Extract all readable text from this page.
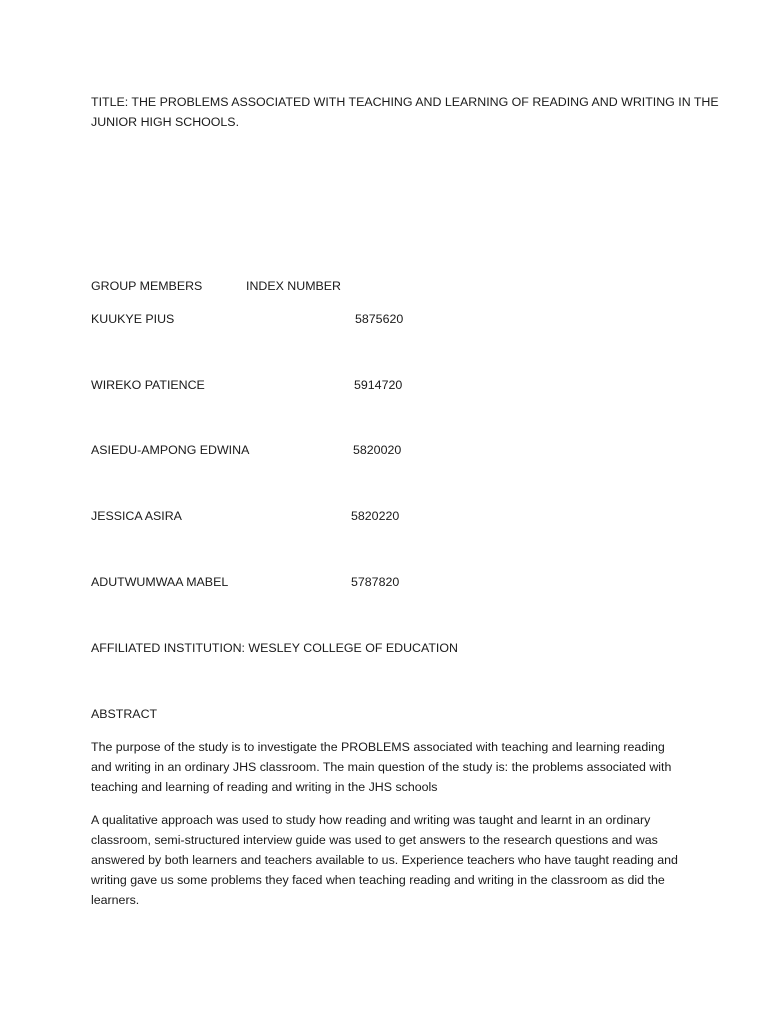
TITLE: THE PROBLEMS ASSOCIATED WITH TEACHING AND LEARNING OF READING AND WRITING IN THE
JUNIOR HIGH SCHOOLS.
GROUP MEMBERS	INDEX NUMBER
KUUKYE PIUS	5875620
WIREKO PATIENCE	5914720
ASIEDU-AMPONG EDWINA	5820020
JESSICA ASIRA	5820220
ADUTWUMWAA MABEL	5787820
AFFILIATED INSTITUTION: WESLEY COLLEGE OF EDUCATION
ABSTRACT

The purpose of the study is to investigate the PROBLEMS associated with teaching and learning reading and writing in an ordinary JHS classroom. The main question of the study is: the problems associated with teaching and learning of reading and writing in the JHS schools

A qualitative approach was used to study how reading and writing was taught and learnt in an ordinary classroom, semi-structured interview guide was used to get answers to the research questions and was answered by both learners and teachers available to us. Experience teachers who have taught reading and writing gave us some problems they faced when teaching reading and writing in the classroom as did the learners.
